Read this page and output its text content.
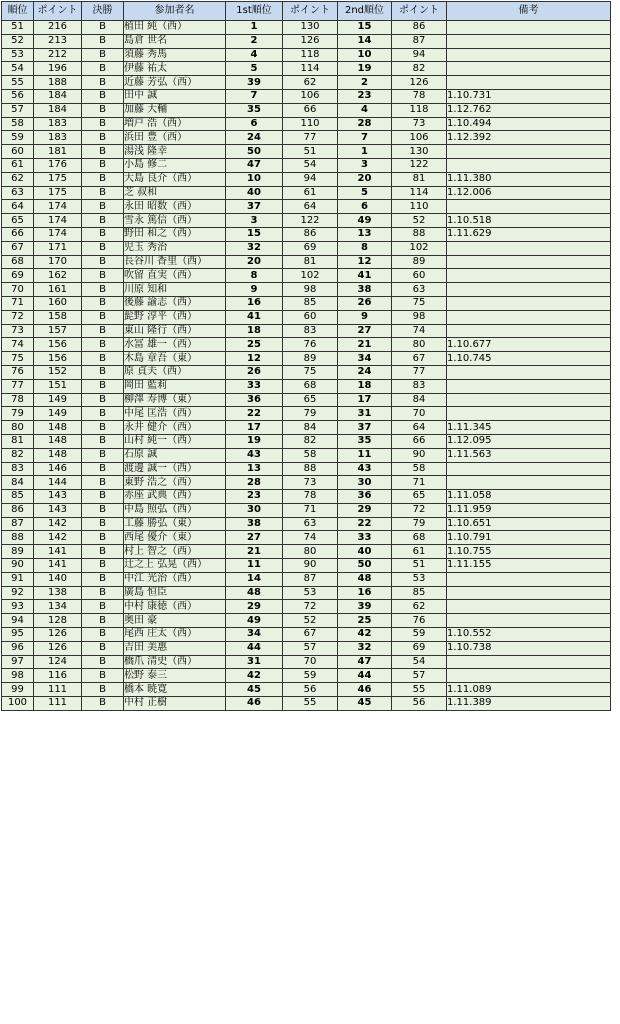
順位	ポイント	決勝	参加者名	1st順位	ポイント	2nd順位	ポイント	備考
51	216	B	植田 純（西）	1	130	15	86	
52	213	B	島倉 世名	2	126	14	87	
53	212	B	須藤 秀馬	4	118	10	94	
54	196	B	伊藤 祐太	5	114	19	82	
55	188	B	近藤 芳弘（西）	39	62	2	126	
56	184	B	田中 誠	7	106	23	78	1.10.731
57	184	B	加藤 大輔	35	66	4	118	1.12.762
58	183	B	増戸 浩（西）	6	110	28	73	1.10.494
59	183	B	浜田 豊（西）	24	77	7	106	1.12.392
60	181	B	湯浅 隆幸	50	51	1	130	
61	176	B	小島 修二	47	54	3	122	
62	175	B	大島 良介（西）	10	94	20	81	1.11.380
63	175	B	芝 叔和	40	61	5	114	1.12.006
64	174	B	永田 昭数（西）	37	64	6	110	
65	174	B	雪永 篤信（西）	3	122	49	52	1.10.518
66	174	B	野田 和之（西）	15	86	13	88	1.11.629
67	171	B	児玉 秀治	32	69	8	102	
68	170	B	長谷川 香里（西）	20	81	12	89	
69	162	B	吹留 直実（西）	8	102	41	60	
70	161	B	川原 知和	9	98	38	63	
71	160	B	後藤 諭志（西）	16	85	26	75	
72	158	B	髭野 淳平（西）	41	60	9	98	
73	157	B	東山 隆行（西）	18	83	27	74	
74	156	B	水冨 雄一（西）	25	76	21	80	1.10.677
75	156	B	木島 章吾（東）	12	89	34	67	1.10.745
76	152	B	原 貞夫（西）	26	75	24	77	
77	151	B	岡田 藍莉	33	68	18	83	
78	149	B	柳澤 寿博（東）	36	65	17	84	
79	149	B	中尾 匡浩（西）	22	79	31	70	
80	148	B	永井 健介（西）	17	84	37	64	1.11.345
81	148	B	山村 純一（西）	19	82	35	66	1.12.095
82	148	B	石原 誠	43	58	11	90	1.11.563
83	146	B	渡邊 誠一（西）	13	88	43	58	
84	144	B	東野 浩之（西）	28	73	30	71	
85	143	B	赤座 武典（西）	23	78	36	65	1.11.058
86	143	B	中島 照弘（西）	30	71	29	72	1.11.959
87	142	B	工藤 勝弘（東）	38	63	22	79	1.10.651
88	142	B	西尾 優介（東）	27	74	33	68	1.10.791
89	141	B	村上 智之（西）	21	80	40	61	1.10.755
90	141	B	辻之上 弘晃（西）	11	90	50	51	1.11.155
91	140	B	中江 光治（西）	14	87	48	53	
92	138	B	廣島 恒臣	48	53	16	85	
93	134	B	中村 康徳（西）	29	72	39	62	
94	128	B	奥田 豪	49	52	25	76	
95	126	B	尾西 庄太（西）	34	67	42	59	1.10.552
96	126	B	吉田 美惠	44	57	32	69	1.10.738
97	124	B	橋爪 清史（西）	31	70	47	54	
98	116	B	松野 泰三	42	59	44	57	
99	111	B	橋本 暁寛	45	56	46	55	1.11.089
100	111	B	中村 正樹	46	55	45	56	1.11.389
